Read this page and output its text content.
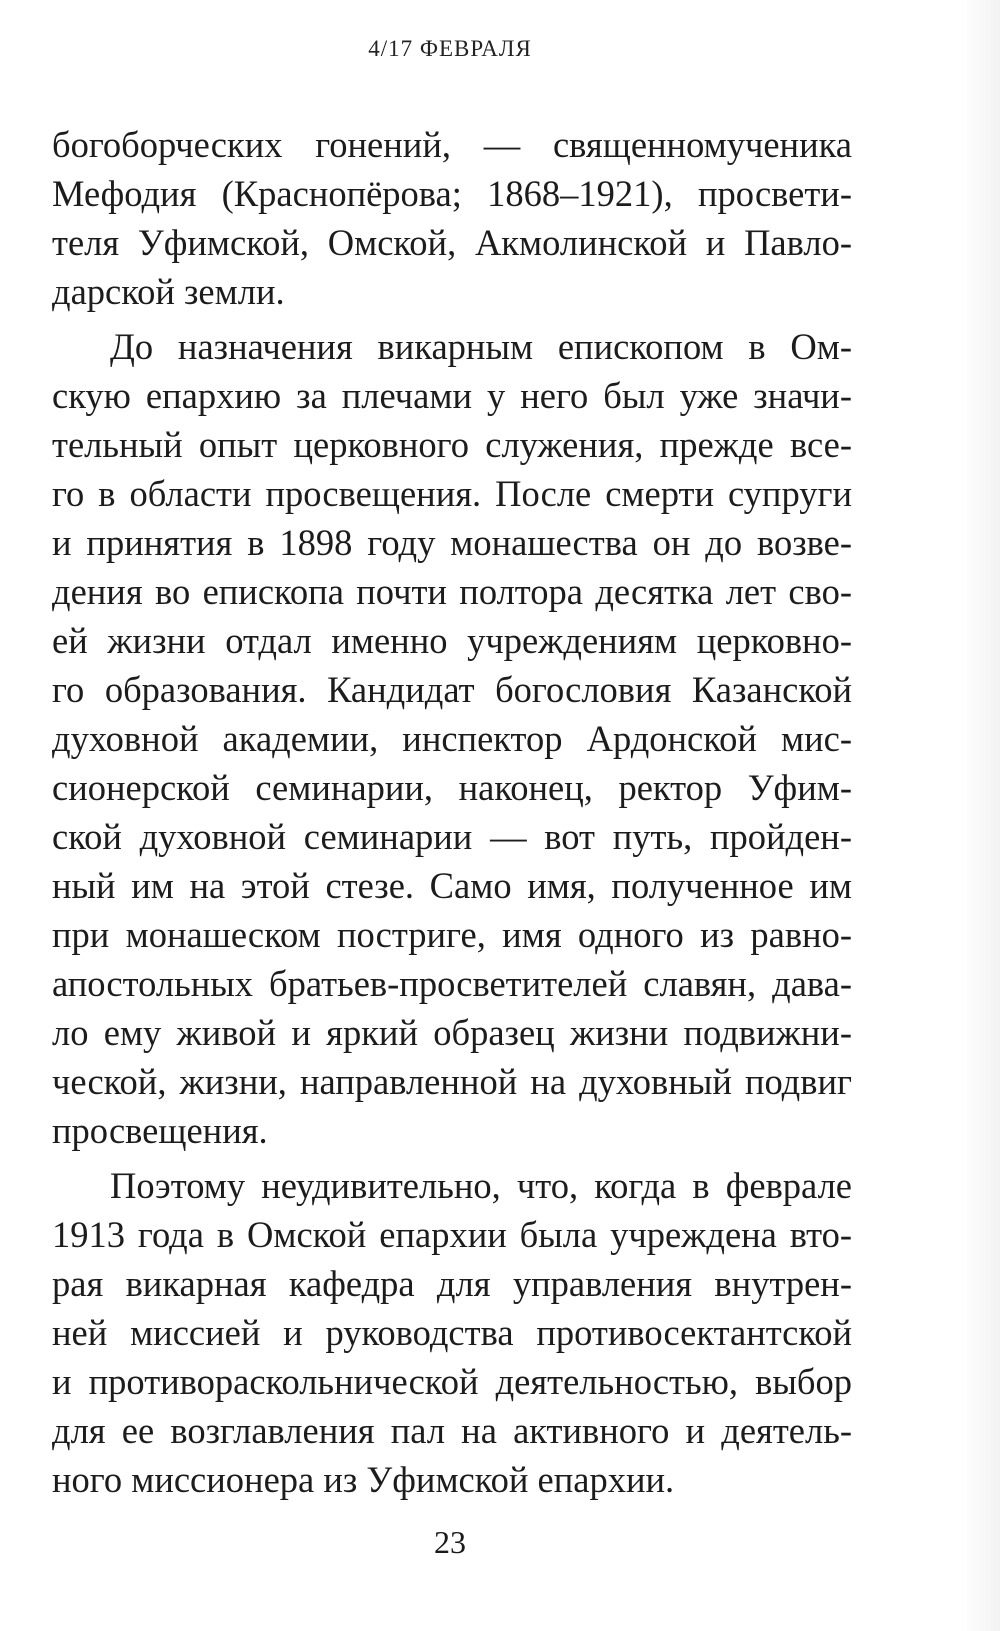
4/17 ФЕВРАЛЯ
богоборческих гонений, — священномученика
Мефодия (Краснопёрова; 1868–1921), просвети-
теля Уфимской, Омской, Акмолинской и Павло-
дарской земли.
До назначения викарным епископом в Ом-
скую епархию за плечами у него был уже значи-
тельный опыт церковного служения, прежде все-
го в области просвещения. После смерти супруги
и принятия в 1898 году монашества он до возве-
дения во епископа почти полтора десятка лет сво-
ей жизни отдал именно учреждениям церковно-
го образования. Кандидат богословия Казанской
духовной академии, инспектор Ардонской мис-
сионерской семинарии, наконец, ректор Уфим-
ской духовной семинарии — вот путь, пройден-
ный им на этой стезе. Само имя, полученное им
при монашеском постриге, имя одного из равно-
апостольных братьев-просветителей славян, дава-
ло ему живой и яркий образец жизни подвижни-
ческой, жизни, направленной на духовный подвиг
просвещения.
Поэтому неудивительно, что, когда в феврале
1913 года в Омской епархии была учреждена вто-
рая викарная кафедра для управления внутрен-
ней миссией и руководства противосектантской
и противораскольнической деятельностью, выбор
для ее возглавления пал на активного и деятель-
ного миссионера из Уфимской епархии.
23
